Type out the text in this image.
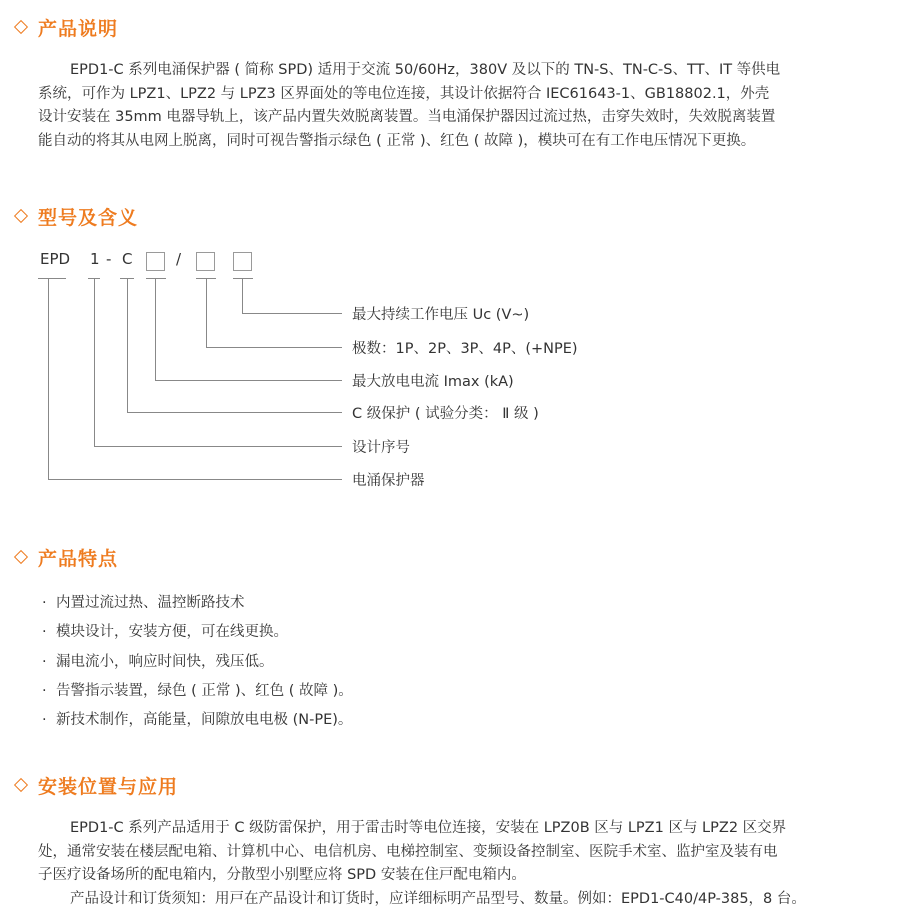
产品说明
EPD1-C 系列电涌保护器 ( 简称 SPD) 适用于交流 50/60Hz，380V 及以下的 TN-S、TN-C-S、TT、IT 等供电
系统，可作为 LPZ1、LPZ2 与 LPZ3 区界面处的等电位连接，其设计依据符合 IEC61643-1、GB18802.1，外壳
设计安装在 35mm 电器导轨上，该产品内置失效脱离装置。当电涌保护器因过流过热，击穿失效时，失效脱离装置
能自动的将其从电网上脱离，同时可视告警指示绿色 ( 正常 )、红色 ( 故障 )，模块可在有工作电压情况下更换。
型号及含义
EPD 1 - C	/
最大持续工作电压 Uc (V~)
极数：1P、2P、3P、4P、(+NPE)
最大放电电流 Imax (kA)
C 级保护 ( 试验分类： Ⅱ 级 )
设计序号
电涌保护器
产品特点
· 内置过流过热、温控断路技术
· 模块设计，安装方便，可在线更换。
· 漏电流小，响应时间快，残压低。
· 告警指示装置，绿色 ( 正常 )、红色 ( 故障 )。
· 新技术制作，高能量，间隙放电电极 (N-PE)。
安装位置与应用
EPD1-C 系列产品适用于 C 级防雷保护，用于雷击时等电位连接，安装在 LPZ0B 区与 LPZ1 区与 LPZ2 区交界
处，通常安装在楼层配电箱、计算机中心、电信机房、电梯控制室、变频设备控制室、医院手术室、监护室及装有电
子医疗设备场所的配电箱内，分散型小别墅应将 SPD 安装在住戸配电箱内。
产品设计和订货须知：用戸在产品设计和订货时，应详细标明产品型号、数量。例如：EPD1-C40/4P-385，8 台。
